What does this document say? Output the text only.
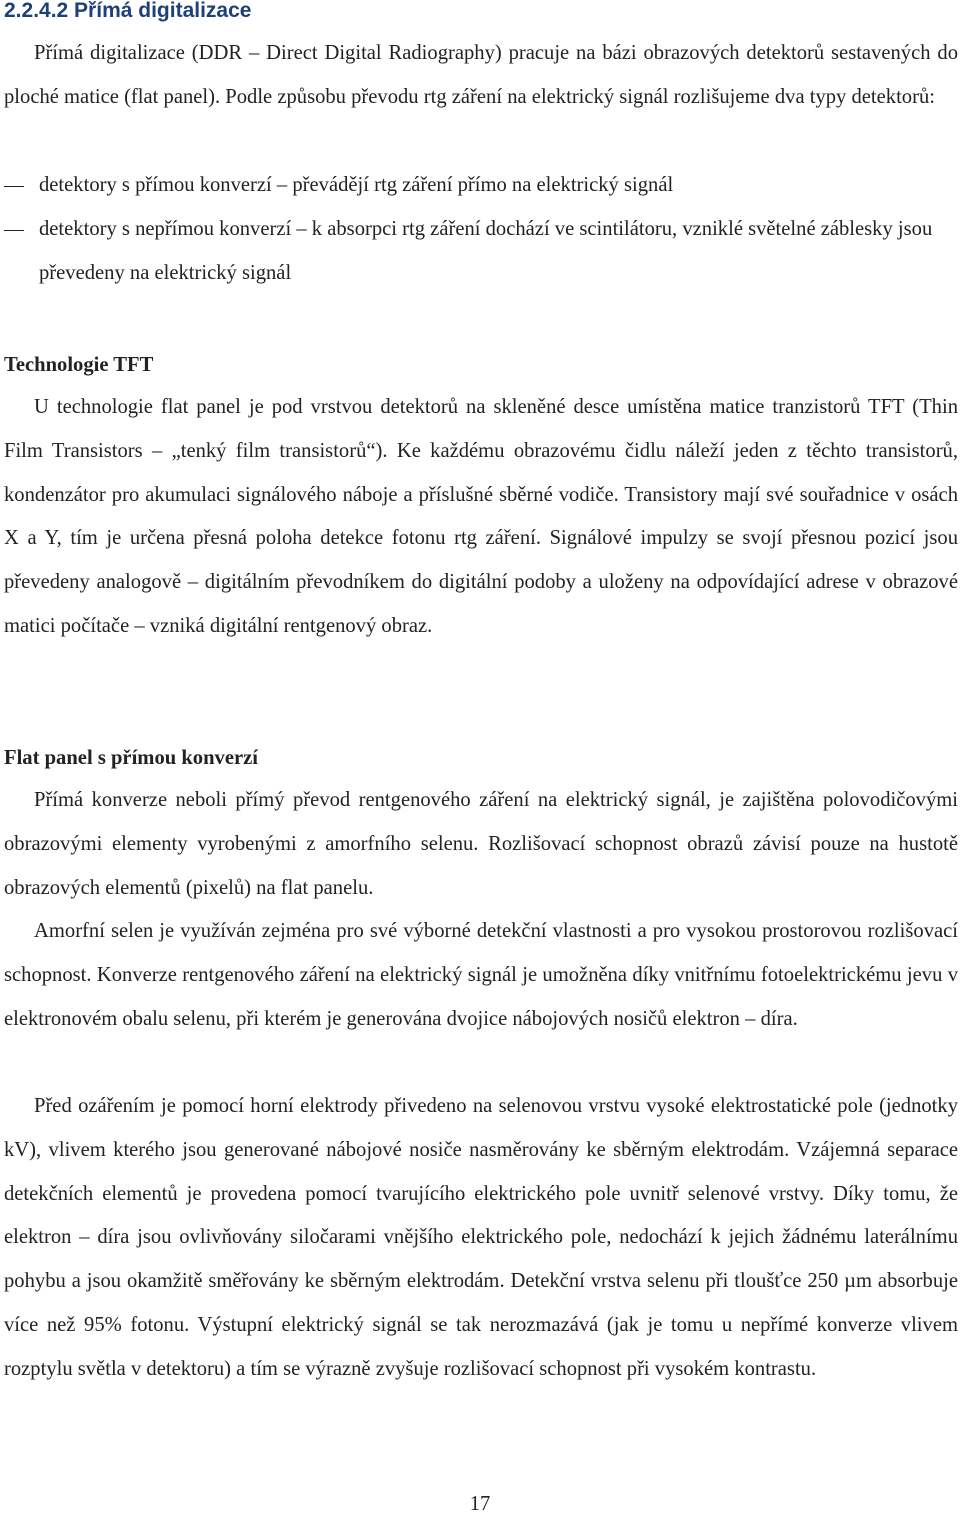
2.2.4.2 Přímá digitalizace

Přímá digitalizace (DDR – Direct Digital Radiography) pracuje na bázi obrazových detektorů sestavených do ploché matice (flat panel). Podle způsobu převodu rtg záření na elektrický signál rozlišujeme dva typy detektorů:

detektory s přímou konverzí – převádějí rtg záření přímo na elektrický signál
detektory s nepřímou konverzí – k absorpci rtg záření dochází ve scintilátoru, vzniklé světelné záblesky jsou převedeny na elektrický signál
Technologie TFT

U technologie flat panel je pod vrstvou detektorů na skleněné desce umístěna matice tranzistorů TFT (Thin Film Transistors – „tenký film transistorů“). Ke každému obrazovému čidlu náleží jeden z těchto transistorů, kondenzátor pro akumulaci signálového náboje a příslušné sběrné vodiče. Transistory mají své souřadnice v osách X a Y, tím je určena přesná poloha detekce fotonu rtg záření. Signálové impulzy se svojí přesnou pozicí jsou převedeny analogově – digitálním převodníkem do digitální podoby a uloženy na odpovídající adrese v obrazové matici počítače – vzniká digitální rentgenový obraz.

Flat panel s přímou konverzí

Přímá konverze neboli přímý převod rentgenového záření na elektrický signál, je zajištěna polovodičovými obrazovými elementy vyrobenými z amorfního selenu. Rozlišovací schopnost obrazů závisí pouze na hustotě obrazových elementů (pixelů) na flat panelu.

Amorfní selen je využíván zejména pro své výborné detekční vlastnosti a pro vysokou prostorovou rozlišovací schopnost. Konverze rentgenového záření na elektrický signál je umožněna díky vnitřnímu fotoelektrickému jevu v elektronovém obalu selenu, při kterém je generována dvojice nábojových nosičů elektron – díra.

Před ozářením je pomocí horní elektrody přivedeno na selenovou vrstvu vysoké elektrostatické pole (jednotky kV), vlivem kterého jsou generované nábojové nosiče nasměrovány ke sběrným elektrodám. Vzájemná separace detekčních elementů je provedena pomocí tvarujícího elektrického pole uvnitř selenové vrstvy. Díky tomu, že elektron – díra jsou ovlivňovány siločarami vnějšího elektrického pole, nedochází k jejich žádnému laterálnímu pohybu a jsou okamžitě směřovány ke sběrným elektrodám. Detekční vrstva selenu při tloušťce 250 µm absorbuje více než 95% fotonu. Výstupní elektrický signál se tak nerozmazává (jak je tomu u nepřímé konverze vlivem rozptylu světla v detektoru) a tím se výrazně zvyšuje rozlišovací schopnost při vysokém kontrastu.

17
